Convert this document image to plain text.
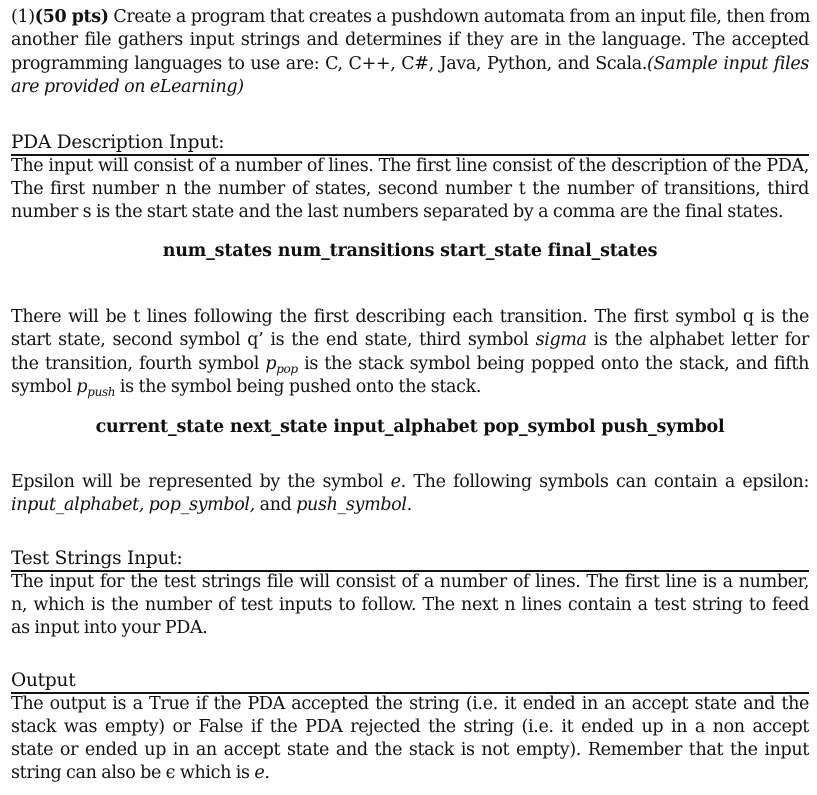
(1)(50 pts) Create a program that creates a pushdown automata from an input file, then from
another file gathers input strings and determines if they are in the language. The accepted
programming languages to use are: C, C++, C#, Java, Python, and Scala.(Sample input files
are provided on eLearning)
PDA Description Input:
The input will consist of a number of lines. The first line consist of the description of the PDA,
The first number n the number of states, second number t the number of transitions, third
number s is the start state and the last numbers separated by a comma are the final states.
num_states num_transitions start_state final_states
There will be t lines following the first describing each transition. The first symbol q is the
start state, second symbol q’ is the end state, third symbol sigma is the alphabet letter for
the transition, fourth symbol $p_{pop}$ is the stack symbol being popped onto the stack, and fifth
symbol $p_{push}$ is the symbol being pushed onto the stack.
current_state next_state input_alphabet pop_symbol push_symbol
Epsilon will be represented by the symbol e. The following symbols can contain a epsilon:
input_alphabet, pop_symbol, and push_symbol.
Test Strings Input:
The input for the test strings file will consist of a number of lines. The first line is a number,
n, which is the number of test inputs to follow. The next n lines contain a test string to feed
as input into your PDA.
Output
The output is a True if the PDA accepted the string (i.e. it ended in an accept state and the
stack was empty) or False if the PDA rejected the string (i.e. it ended up in a non accept
state or ended up in an accept state and the stack is not empty). Remember that the input
string can also be ϵ which is e.
